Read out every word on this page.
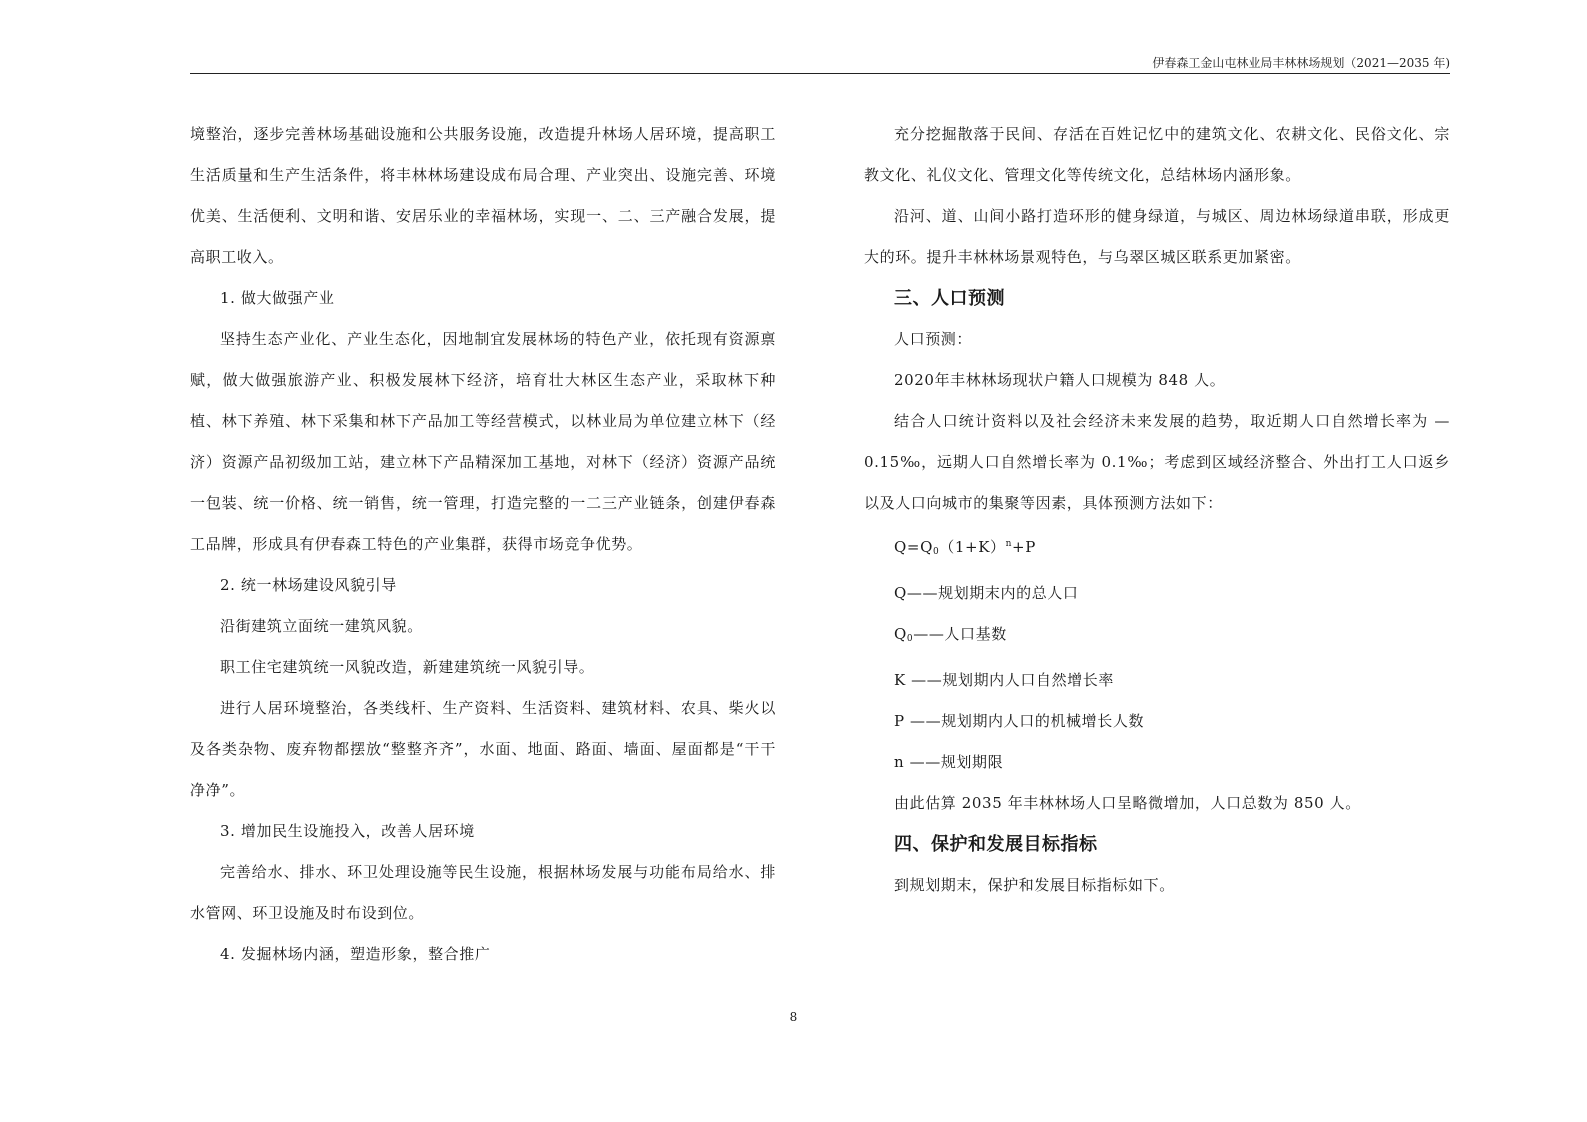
伊春森工金山屯林业局丰林林场规划（2021—2035 年)

境整治，逐步完善林场基础设施和公共服务设施，改造提升林场人居环境，提高职工生活质量和生产生活条件，将丰林林场建设成布局合理、产业突出、设施完善、环境优美、生活便利、文明和谐、安居乐业的幸福林场，实现一、二、三产融合发展，提高职工收入。

1. 做大做强产业

坚持生态产业化、产业生态化，因地制宜发展林场的特色产业，依托现有资源禀赋，做大做强旅游产业、积极发展林下经济，培育壮大林区生态产业，采取林下种植、林下养殖、林下采集和林下产品加工等经营模式，以林业局为单位建立林下（经济）资源产品初级加工站，建立林下产品精深加工基地，对林下（经济）资源产品统一包装、统一价格、统一销售，统一管理，打造完整的一二三产业链条，创建伊春森工品牌，形成具有伊春森工特色的产业集群，获得市场竞争优势。

2. 统一林场建设风貌引导

沿街建筑立面统一建筑风貌。

职工住宅建筑统一风貌改造，新建建筑统一风貌引导。

进行人居环境整治，各类线杆、生产资料、生活资料、建筑材料、农具、柴火以及各类杂物、废弃物都摆放“整整齐齐”，水面、地面、路面、墙面、屋面都是“干干净净”。

3. 增加民生设施投入，改善人居环境

完善给水、排水、环卫处理设施等民生设施，根据林场发展与功能布局给水、排水管网、环卫设施及时布设到位。

4. 发掘林场内涵，塑造形象，整合推广

充分挖掘散落于民间、存活在百姓记忆中的建筑文化、农耕文化、民俗文化、宗教文化、礼仪文化、管理文化等传统文化，总结林场内涵形象。

沿河、道、山间小路打造环形的健身绿道，与城区、周边林场绿道串联，形成更大的环。提升丰林林场景观特色，与乌翠区城区联系更加紧密。

三、人口预测

人口预测：

2020年丰林林场现状户籍人口规模为 848 人。

结合人口统计资料以及社会经济未来发展的趋势，取近期人口自然增长率为 —0.15‰，远期人口自然增长率为 0.1‰；考虑到区域经济整合、外出打工人口返乡以及人口向城市的集聚等因素，具体预测方法如下：

$Q=Q0(1+K)^n+P$

Q——规划期末内的总人口

Q0——人口基数

K ——规划期内人口自然增长率

P ——规划期内人口的机械增长人数

n ——规划期限

由此估算 2035 年丰林林场人口呈略微增加，人口总数为 850 人。

四、保护和发展目标指标

到规划期末，保护和发展目标指标如下。

8
